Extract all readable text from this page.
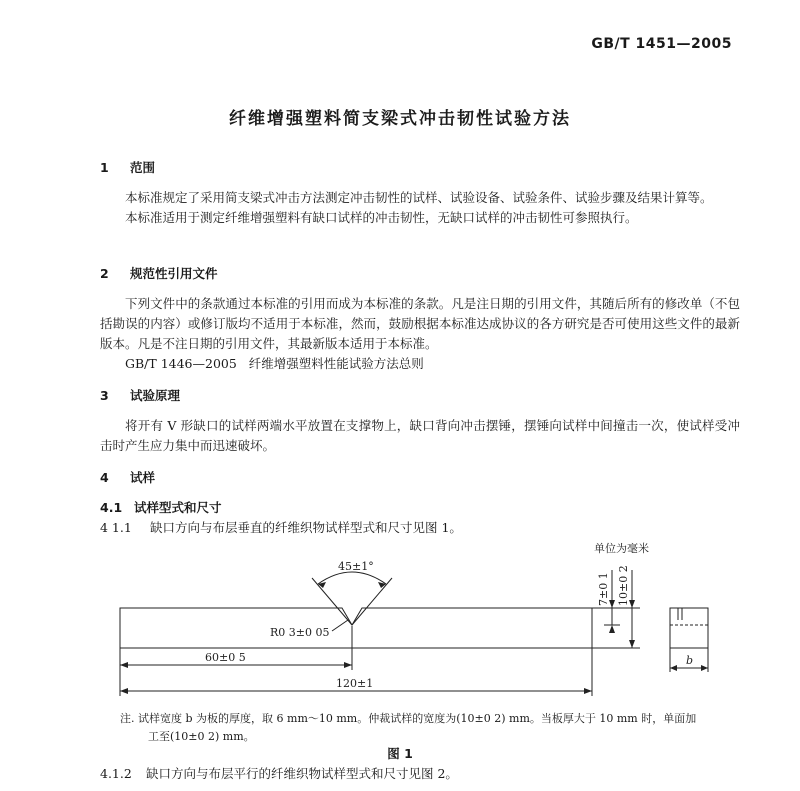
GB/T 1451—2005
纤维增强塑料简支梁式冲击韧性试验方法
1 范围
本标准规定了采用简支梁式冲击方法测定冲击韧性的试样、试验设备、试验条件、试验步骤及结果计算等。
本标准适用于测定纤维增强塑料有缺口试样的冲击韧性，无缺口试样的冲击韧性可参照执行。
2 规范性引用文件
下列文件中的条款通过本标准的引用而成为本标准的条款。凡是注日期的引用文件，其随后所有的修改单（不包括勘误的内容）或修订版均不适用于本标准，然而，鼓励根据本标准达成协议的各方研究是否可使用这些文件的最新版本。凡是不注日期的引用文件，其最新版本适用于本标准。
GB/T 1446—2005 纤维增强塑料性能试验方法总则
3 试验原理
将开有 V 形缺口的试样两端水平放置在支撑物上，缺口背向冲击摆锤，摆锤向试样中间撞击一次，使试样受冲击时产生应力集中而迅速破坏。
4 试样
4.1 试样型式和尺寸
4 1.1 缺口方向与布层垂直的纤维织物试样型式和尺寸见图 1。
单位为毫米
45±1°
R0 3±0 05
60±0 5
120±1
b
7±0 1 10±0 2
注. 试样宽度 b 为板的厚度，取 6 mm～10 mm。仲裁试样的宽度为(10±0 2) mm。当板厚大于 10 mm 时，单面加
工至(10±0 2) mm。
图 1
4.1.2 缺口方向与布层平行的纤维织物试样型式和尺寸见图 2。
